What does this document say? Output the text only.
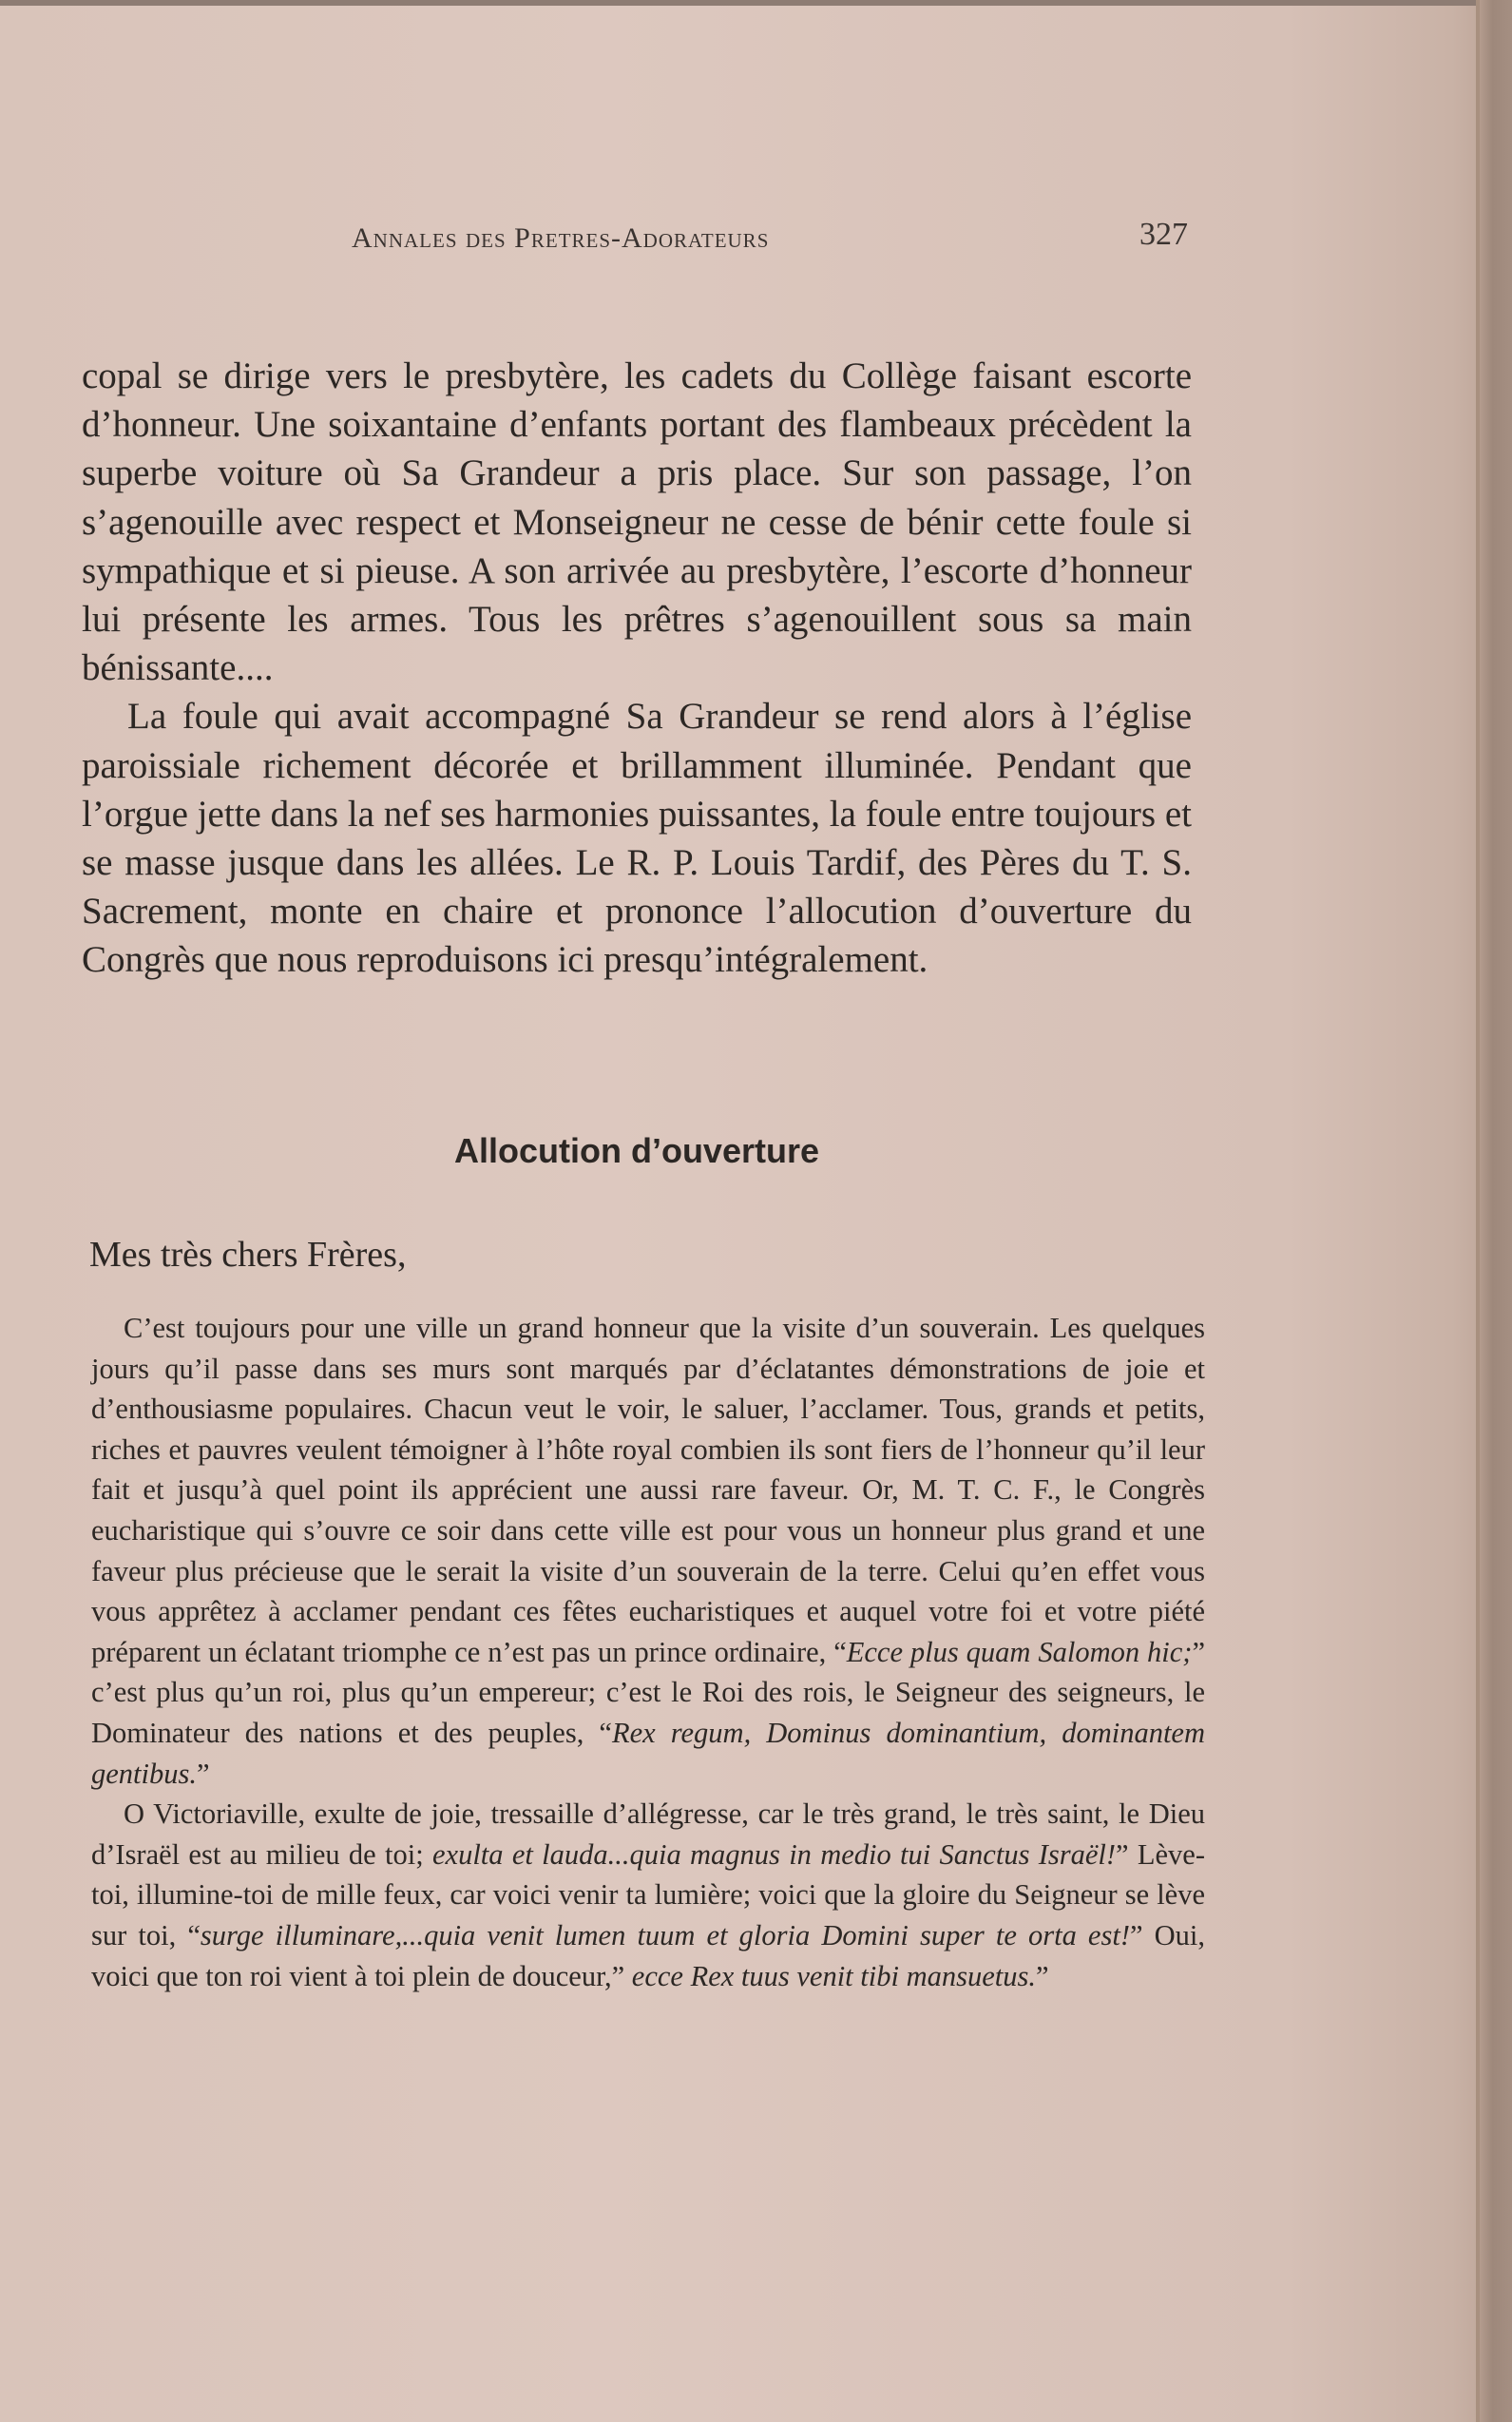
Annales des Pretres-Adorateurs	327

copal se dirige vers le presbytère, les cadets du Collège faisant escorte d’honneur. Une soixantaine d’enfants portant des flambeaux précèdent la superbe voiture où Sa Grandeur a pris place. Sur son passage, l’on s’agenouille avec respect et Monseigneur ne cesse de bénir cette foule si sympathique et si pieuse. A son arrivée au presbytère, l’escorte d’honneur lui présente les armes. Tous les prêtres s’agenouillent sous sa main bénissante....

La foule qui avait accompagné Sa Grandeur se rend alors à l’église paroissiale richement décorée et brillamment illuminée. Pendant que l’orgue jette dans la nef ses harmonies puissantes, la foule entre toujours et se masse jusque dans les allées. Le R. P. Louis Tardif, des Pères du T. S. Sacrement, monte en chaire et prononce l’allocution d’ouverture du Congrès que nous reproduisons ici presqu’intégralement.

Allocution d’ouverture
Mes très chers Frères,

C’est toujours pour une ville un grand honneur que la visite d’un souverain. Les quelques jours qu’il passe dans ses murs sont marqués par d’éclatantes démonstrations de joie et d’enthousiasme populaires. Chacun veut le voir, le saluer, l’acclamer. Tous, grands et petits, riches et pauvres veulent témoigner à l’hôte royal combien ils sont fiers de l’honneur qu’il leur fait et jusqu’à quel point ils apprécient une aussi rare faveur. Or, M. T. C. F., le Congrès eucharistique qui s’ouvre ce soir dans cette ville est pour vous un honneur plus grand et une faveur plus précieuse que le serait la visite d’un souverain de la terre. Celui qu’en effet vous vous apprêtez à acclamer pendant ces fêtes eucharistiques et auquel votre foi et votre piété préparent un éclatant triomphe ce n’est pas un prince ordinaire, “Ecce plus quam Salomon hic;” c’est plus qu’un roi, plus qu’un empereur; c’est le Roi des rois, le Seigneur des seigneurs, le Dominateur des nations et des peuples, “Rex regum, Dominus dominantium, dominantem gentibus.”

O Victoriaville, exulte de joie, tressaille d’allégresse, car le très grand, le très saint, le Dieu d’Israël est au milieu de toi; exulta et lauda...quia magnus in medio tui Sanctus Israël!” Lève-toi, illumine-toi de mille feux, car voici venir ta lumière; voici que la gloire du Seigneur se lève sur toi, “surge illuminare,...quia venit lumen tuum et gloria Domini super te orta est!” Oui, voici que ton roi vient à toi plein de douceur,” ecce Rex tuus venit tibi mansuetus.”
